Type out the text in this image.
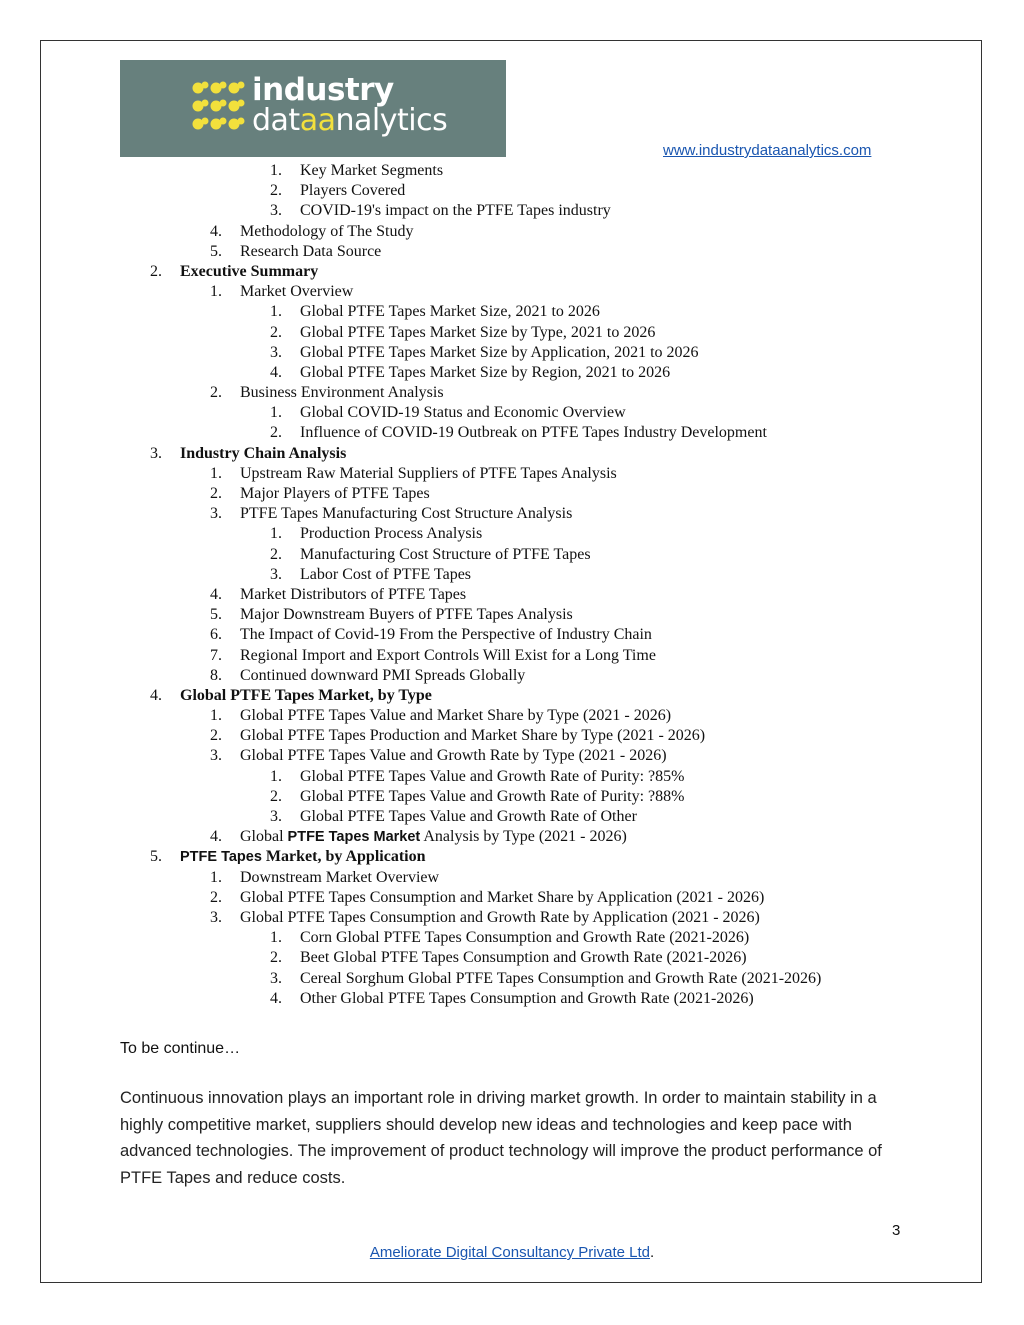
industry
dataanalytics
www.industrydataanalytics.com
1. Key Market Segments
2. Players Covered
3. COVID-19's impact on the PTFE Tapes industry
4. Methodology of The Study
5. Research Data Source
2. Executive Summary
1. Market Overview
1. Global PTFE Tapes Market Size, 2021 to 2026
2. Global PTFE Tapes Market Size by Type, 2021 to 2026
3. Global PTFE Tapes Market Size by Application, 2021 to 2026
4. Global PTFE Tapes Market Size by Region, 2021 to 2026
2. Business Environment Analysis
1. Global COVID-19 Status and Economic Overview
2. Influence of COVID-19 Outbreak on PTFE Tapes Industry Development
3. Industry Chain Analysis
1. Upstream Raw Material Suppliers of PTFE Tapes Analysis
2. Major Players of PTFE Tapes
3. PTFE Tapes Manufacturing Cost Structure Analysis
1. Production Process Analysis
2. Manufacturing Cost Structure of PTFE Tapes
3. Labor Cost of PTFE Tapes
4. Market Distributors of PTFE Tapes
5. Major Downstream Buyers of PTFE Tapes Analysis
6. The Impact of Covid-19 From the Perspective of Industry Chain
7. Regional Import and Export Controls Will Exist for a Long Time
8. Continued downward PMI Spreads Globally
4. Global PTFE Tapes Market, by Type
1. Global PTFE Tapes Value and Market Share by Type (2021 - 2026)
2. Global PTFE Tapes Production and Market Share by Type (2021 - 2026)
3. Global PTFE Tapes Value and Growth Rate by Type (2021 - 2026)
1. Global PTFE Tapes Value and Growth Rate of Purity: ?85%
2. Global PTFE Tapes Value and Growth Rate of Purity: ?88%
3. Global PTFE Tapes Value and Growth Rate of Other
4. Global PTFE Tapes Market Analysis by Type (2021 - 2026)
5. PTFE Tapes Market, by Application
1. Downstream Market Overview
2. Global PTFE Tapes Consumption and Market Share by Application (2021 - 2026)
3. Global PTFE Tapes Consumption and Growth Rate by Application (2021 - 2026)
1. Corn Global PTFE Tapes Consumption and Growth Rate (2021-2026)
2. Beet Global PTFE Tapes Consumption and Growth Rate (2021-2026)
3. Cereal Sorghum Global PTFE Tapes Consumption and Growth Rate (2021-2026)
4. Other Global PTFE Tapes Consumption and Growth Rate (2021-2026)
To be continue…
Continuous innovation plays an important role in driving market growth. In order to maintain stability in a highly competitive market, suppliers should develop new ideas and technologies and keep pace with advanced technologies. The improvement of product technology will improve the product performance of PTFE Tapes and reduce costs.
3
Ameliorate Digital Consultancy Private Ltd.
